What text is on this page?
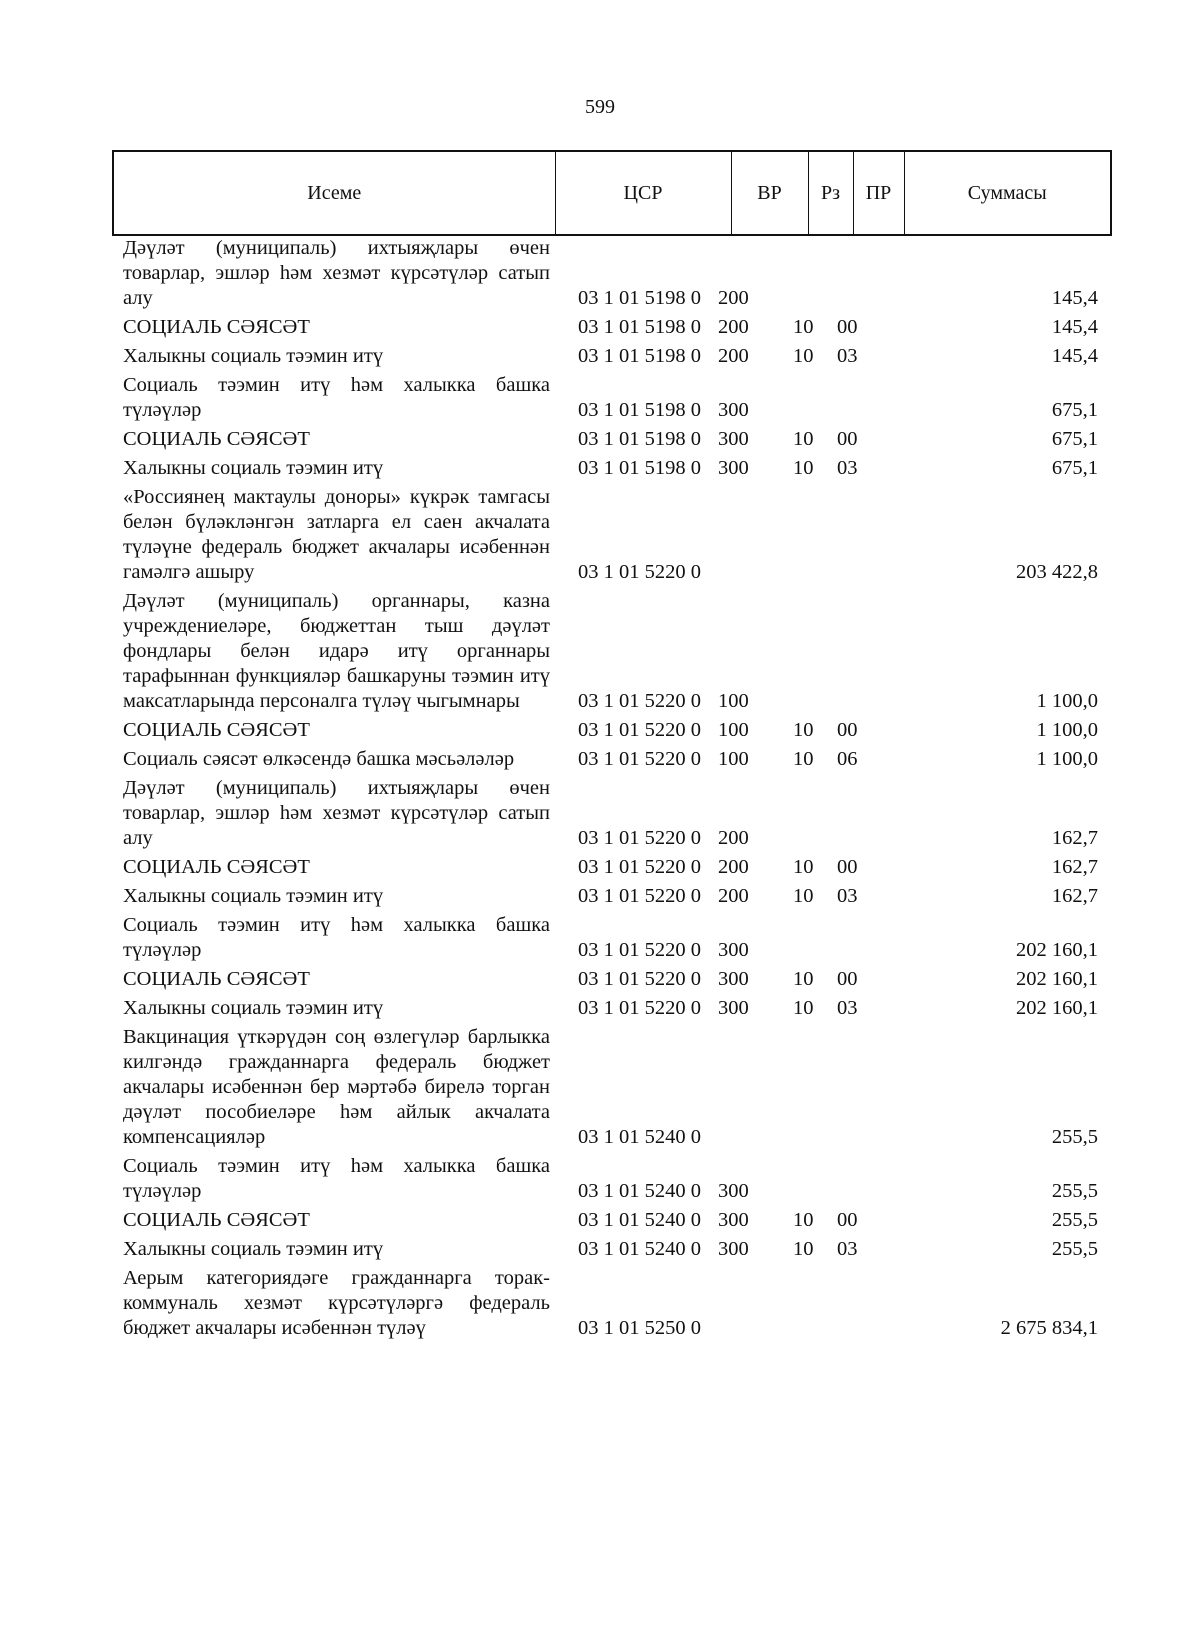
599
Исеме	ЦСР	ВР	Рз	ПР	Суммасы
Дәүләт (муниципаль) ихтыяҗлары өчен товарлар, эшләр һәм хезмәт күрсәтүләр сатып алу	03 1 01 5198 0 200	145,4
СОЦИАЛЬ СӘЯСӘТ	03 1 01 5198 0 200	10	00	145,4
Халыкны социаль тәэмин итү	03 1 01 5198 0 200	10	03	145,4
Социаль тәэмин итү һәм халыкка башка түләүләр	03 1 01 5198 0 300	675,1
СОЦИАЛЬ СӘЯСӘТ	03 1 01 5198 0 300	10	00	675,1
Халыкны социаль тәэмин итү	03 1 01 5198 0 300	10	03	675,1
«Россиянең мактаулы доноры» күкрәк тамгасы белән бүләкләнгән затларга ел саен акчалата түләүне федераль бюджет акчалары исәбеннән гамәлгә ашыру	03 1 01 5220 0	203 422,8
Дәүләт (муниципаль) органнары, казна учреждениеләре, бюджеттан тыш дәүләт фондлары белән идарә итү органнары тарафыннан функцияләр башкаруны тәэмин итү максатларында персоналга түләү чыгымнары	03 1 01 5220 0 100	1 100,0
СОЦИАЛЬ СӘЯСӘТ	03 1 01 5220 0 100	10	00	1 100,0
Социаль сәясәт өлкәсендә башка мәсьәләләр	03 1 01 5220 0 100	10	06	1 100,0
Дәүләт (муниципаль) ихтыяҗлары өчен товарлар, эшләр һәм хезмәт күрсәтүләр сатып алу	03 1 01 5220 0 200	162,7
СОЦИАЛЬ СӘЯСӘТ	03 1 01 5220 0 200	10	00	162,7
Халыкны социаль тәэмин итү	03 1 01 5220 0 200	10	03	162,7
Социаль тәэмин итү һәм халыкка башка түләүләр	03 1 01 5220 0 300	202 160,1
СОЦИАЛЬ СӘЯСӘТ	03 1 01 5220 0 300	10	00	202 160,1
Халыкны социаль тәэмин итү	03 1 01 5220 0 300	10	03	202 160,1
Вакцинация үткәрүдән соң өзлегүләр барлыкка килгәндә гражданнарга федераль бюджет акчалары исәбеннән бер мәртәбә бирелә торган дәүләт пособиеләре һәм айлык акчалата компенсацияләр	03 1 01 5240 0	255,5
Социаль тәэмин итү һәм халыкка башка түләүләр	03 1 01 5240 0 300	255,5
СОЦИАЛЬ СӘЯСӘТ	03 1 01 5240 0 300	10	00	255,5
Халыкны социаль тәэмин итү	03 1 01 5240 0 300	10	03	255,5
Аерым категориядәге гражданнарга торак-коммуналь хезмәт күрсәтүләргә федераль бюджет акчалары исәбеннән түләү	03 1 01 5250 0	2 675 834,1
